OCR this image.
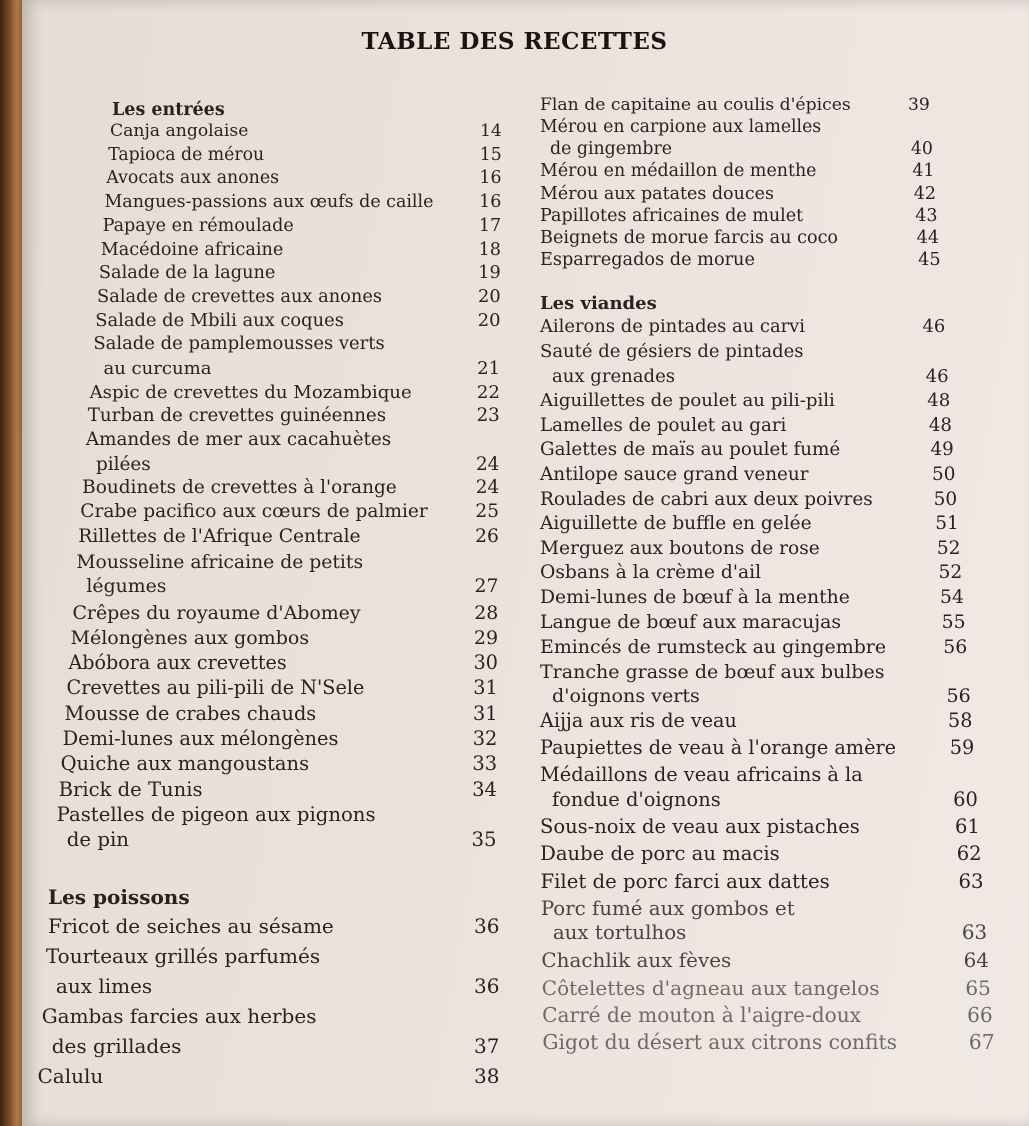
TABLE DES RECETTES
Les entrées
Canja angolaise	14
Tapioca de mérou	15
Avocats aux anones	16
Mangues-passions aux œufs de caille	16
Papaye en rémoulade	17
Macédoine africaine	18
Salade de la lagune	19
Salade de crevettes aux anones	20
Salade de Mbili aux coques	20
Salade de pamplemousses verts
au curcuma	21
Aspic de crevettes du Mozambique	22
Turban de crevettes guinéennes	23
Amandes de mer aux cacahuètes
pilées	24
Boudinets de crevettes à l'orange	24
Crabe pacifico aux cœurs de palmier	25
Rillettes de l'Afrique Centrale	26
Mousseline africaine de petits
légumes	27
Crêpes du royaume d'Abomey	28
Mélongènes aux gombos	29
Abóbora aux crevettes	30
Crevettes au pili-pili de N'Sele	31
Mousse de crabes chauds	31
Demi-lunes aux mélongènes	32
Quiche aux mangoustans	33
Brick de Tunis	34
Pastelles de pigeon aux pignons
de pin	35
Les poissons
Fricot de seiches au sésame	36
Tourteaux grillés parfumés
aux limes	36
Gambas farcies aux herbes
des grillades	37
Calulu	38
Flan de capitaine au coulis d'épices	39
Mérou en carpione aux lamelles
de gingembre	40
Mérou en médaillon de menthe	41
Mérou aux patates douces	42
Papillotes africaines de mulet	43
Beignets de morue farcis au coco	44
Esparregados de morue	45
Les viandes
Ailerons de pintades au carvi	46
Sauté de gésiers de pintades
aux grenades	46
Aiguillettes de poulet au pili-pili	48
Lamelles de poulet au gari	48
Galettes de maïs au poulet fumé	49
Antilope sauce grand veneur	50
Roulades de cabri aux deux poivres	50
Aiguillette de buffle en gelée	51
Merguez aux boutons de rose	52
Osbans à la crème d'ail	52
Demi-lunes de bœuf à la menthe	54
Langue de bœuf aux maracujas	55
Emincés de rumsteck au gingembre	56
Tranche grasse de bœuf aux bulbes
d'oignons verts	56
Aijja aux ris de veau	58
Paupiettes de veau à l'orange amère	59
Médaillons de veau africains à la
fondue d'oignons	60
Sous-noix de veau aux pistaches	61
Daube de porc au macis	62
Filet de porc farci aux dattes	63
Porc fumé aux gombos et
aux tortulhos	63
Chachlik aux fèves	64
Côtelettes d'agneau aux tangelos	65
Carré de mouton à l'aigre-doux	66
Gigot du désert aux citrons confits	67
